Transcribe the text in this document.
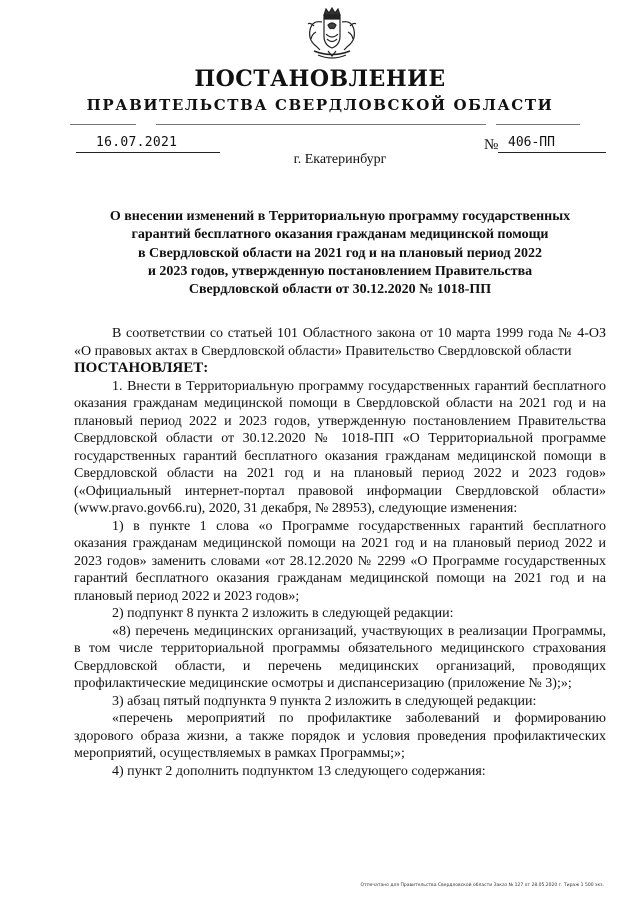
ПОСТАНОВЛЕНИЕ
ПРАВИТЕЛЬСТВА СВЕРДЛОВСКОЙ ОБЛАСТИ
16.07.2021	№ 406-ПП
г. Екатеринбург
О внесении изменений в Территориальную программу государственных
гарантий бесплатного оказания гражданам медицинской помощи
в Свердловской области на 2021 год и на плановый период 2022
и 2023 годов, утвержденную постановлением Правительства
Свердловской области от 30.12.2020 № 1018-ПП

В соответствии со статьей 101 Областного закона от 10 марта 1999 года № 4-ОЗ «О правовых актах в Свердловской области» Правительство Свердловской области

ПОСТАНОВЛЯЕТ:

1. Внести в Территориальную программу государственных гарантий бесплатного оказания гражданам медицинской помощи в Свердловской области на 2021 год и на плановый период 2022 и 2023 годов, утвержденную постановлением Правительства Свердловской области от 30.12.2020 № 1018-ПП «О Территориальной программе государственных гарантий бесплатного оказания гражданам медицинской помощи в Свердловской области на 2021 год и на плановый период 2022 и 2023 годов» («Официальный интернет-портал правовой информации Свердловской области» (www.pravo.gov66.ru), 2020, 31 декабря, № 28953), следующие изменения:

1) в пункте 1 слова «о Программе государственных гарантий бесплатного оказания гражданам медицинской помощи на 2021 год и на плановый период 2022 и 2023 годов» заменить словами «от 28.12.2020 № 2299 «О Программе государственных гарантий бесплатного оказания гражданам медицинской помощи на 2021 год и на плановый период 2022 и 2023 годов»;

2) подпункт 8 пункта 2 изложить в следующей редакции:

«8) перечень медицинских организаций, участвующих в реализации Программы, в том числе территориальной программы обязательного медицинского страхования Свердловской области, и перечень медицинских организаций, проводящих профилактические медицинские осмотры и диспансеризацию (приложение № 3);»;

3) абзац пятый подпункта 9 пункта 2 изложить в следующей редакции:

«перечень мероприятий по профилактике заболеваний и формированию здорового образа жизни, а также порядок и условия проведения профилактических мероприятий, осуществляемых в рамках Программы;»;

4) пункт 2 дополнить подпунктом 13 следующего содержания:

Отпечатано для Правительства Свердловской области Заказ № 127 от 28.05.2020 г. Тираж 1 500 экз.
